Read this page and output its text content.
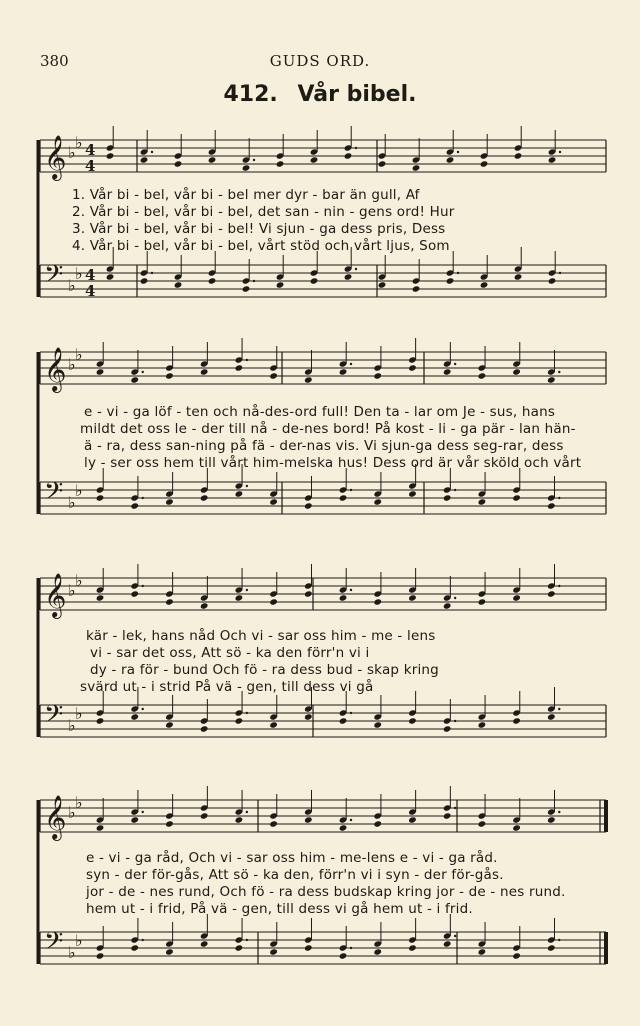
380	GUDS ORD.
412. Vår bibel.
𝄞 ♭
♭ 4
4
𝄢 ♭
♭ 4
4
𝄞 ♭
♭
𝄢 ♭
♭
𝄞 ♭
♭
𝄢 ♭
♭
𝄞 ♭
♭
𝄢 ♭
♭
1. Vår bi - bel, vår bi - bel mer dyr - bar än gull, Af
2. Vår bi - bel, vår bi - bel, det san - nin - gens ord! Hur
3. Vår bi - bel, vår bi - bel! Vi sjun - ga dess pris, Dess
4. Vår bi - bel, vår bi - bel, vårt stöd och vårt ljus, Som
e - vi - ga löf - ten och nå-des-ord full! Den ta - lar om Je - sus, hans
mildt det oss le - der till nå - de-nes bord! På kost - li - ga pär - lan hän-
ä - ra, dess san-ning på fä - der-nas vis. Vi sjun-ga dess seg-rar, dess
ly - ser oss hem till vårt him-melska hus! Dess ord är vår sköld och vårt
kär - lek, hans nåd Och vi - sar oss him - me - lens
vi - sar det oss, Att sö - ka den förr'n vi i
dy - ra för - bund Och fö - ra dess bud - skap kring
svärd ut - i strid På vä - gen, till dess vi gå
e - vi - ga råd, Och vi - sar oss him - me-lens e - vi - ga råd.
syn - der för-gås, Att sö - ka den, förr'n vi i syn - der för-gås.
jor - de - nes rund, Och fö - ra dess budskap kring jor - de - nes rund.
hem ut - i frid, På vä - gen, till dess vi gå hem ut - i frid.
